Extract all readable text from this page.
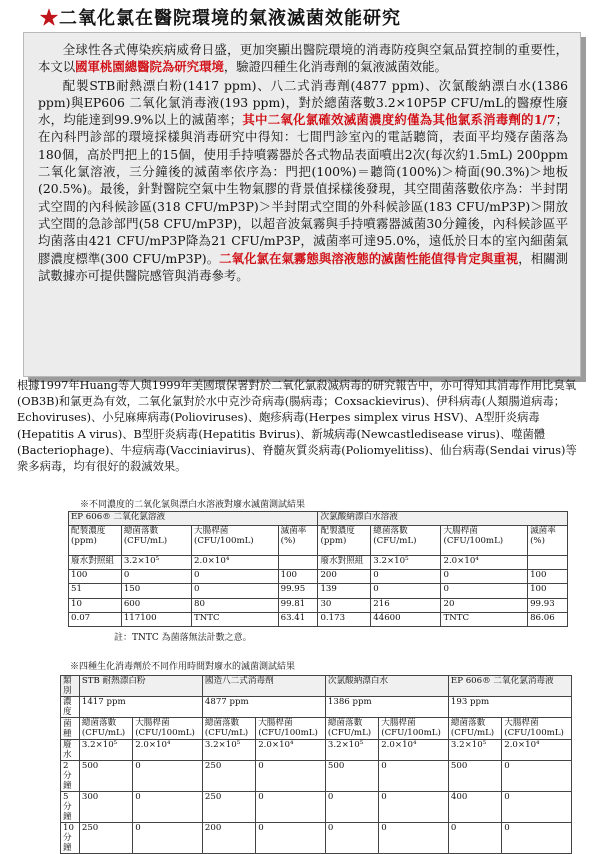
★二氧化氯在醫院環境的氣液滅菌效能研究

全球性各式傳染疾病威脅日盛，更加突顯出醫院環境的消毒防疫與空氣品質控制的重要性，本文以國軍桃園總醫院為研究環境，驗證四種生化消毒劑的氣液滅菌效能。

配製STB耐熱漂白粉(1417 ppm)、八二式消毒劑(4877 ppm)、次氯酸納漂白水(1386 ppm)與EP606 二氧化氯消毒液(193 ppm)，對於總菌落數3.2×10P5P CFU/mL的醫療性廢水，均能達到99.9%以上的滅菌率；其中二氧化氯確效滅菌濃度約僅為其他氯系消毒劑的1/7；在內科門診部的環境採樣與消毒研究中得知：七間門診室內的電話聽筒，表面平均殘存菌落為180個，高於門把上的15個，使用手持噴霧器於各式物品表面噴出2次(每次約1.5mL) 200ppm二氧化氯溶液，三分鐘後的滅菌率依序為：門把(100%)＝聽筒(100%)＞椅面(90.3%)＞地板(20.5%)。最後，針對醫院空氣中生物氣膠的背景值採樣後發現，其空間菌落數依序為：半封閉式空間的內科候診區(318 CFU/mP3P)＞半封閉式空間的外科候診區(183 CFU/mP3P)＞開放式空間的急診部門(58 CFU/mP3P)，以超音波氣霧與手持噴霧器滅菌30分鐘後，內科候診區平均菌落由421 CFU/mP3P降為21 CFU/mP3P，滅菌率可達95.0%，遠低於日本的室內細菌氣膠濃度標準(300 CFU/mP3P)。二氧化氯在氣霧態與溶液態的滅菌性能值得肯定與重視，相關測試數據亦可提供醫院感管與消毒參考。

根據1997年Huang等人與1999年美國環保署對於二氧化氯殺滅病毒的研究報告中，亦可得知其消毒作用比臭氧(OB3B)和氯更為有效，二氧化氯對於水中克沙奇病毒(腸病毒；Coxsackievirus)、伊科病毒(人類腸道病毒；Echoviruses)、小兒麻痺病毒(Polioviruses)、皰疹病毒(Herpes simplex virus HSV)、A型肝炎病毒(Hepatitis A virus)、B型肝炎病毒(Hepatitis Bvirus)、新城病毒(Newcastledisease virus)、噬菌體(Bacteriophage)、牛痘病毒(Vacciniavirus)、脊髓灰質炎病毒(Poliomyelitiss)、仙台病毒(Sendai virus)等衆多病毒，均有很好的殺滅效果。

※不同濃度的二氧化氯與漂白水溶液對廢水滅菌測試結果
EP 606® 二氧化氯溶液				次氯酸納漂白水溶液			
配製濃度(ppm)	總菌落數(CFU/mL)	大腸桿菌(CFU/100mL)	滅菌率(%)	配製濃度(ppm)	總菌落數(CFU/mL)	大腸桿菌(CFU/100mL)	滅菌率(%)
廢水對照組	3.2×10⁵	2.0×10⁴		廢水對照組	3.2×10⁵	2.0×10⁴	
100	0	0	100	200	0	0	100
51	150	0	99.95	139	0	0	100
10	600	80	99.81	30	216	20	99.93
0.07	117100	TNTC	63.41	0.173	44600	TNTC	86.06
註：TNTC 為菌落無法計數之意。
※四種生化消毒劑於不同作用時間對廢水的滅菌測試結果
類別	STB 耐熱漂白粉		國造八二式消毒劑		次氯酸納漂白水		EP 606® 二氧化氯消毒液	
濃度	1417 ppm		4877 ppm		1386 ppm		193 ppm	
菌種	總菌落數(CFU/mL)	大腸桿菌(CFU/100mL)	總菌落數(CFU/mL)	大腸桿菌(CFU/100mL)	總菌落數(CFU/mL)	大腸桿菌(CFU/100mL)	總菌落數(CFU/mL)	大腸桿菌(CFU/100mL)
廢水	3.2×10⁵	2.0×10⁴	3.2×10⁵	2.0×10⁴	3.2×10⁵	2.0×10⁴	3.2×10⁵	2.0×10⁴
2 分鐘	500	0	250	0	500	0	500	0
5 分鐘	300	0	250	0	0	0	400	0
10 分鐘	250	0	200	0	0	0	0	0
